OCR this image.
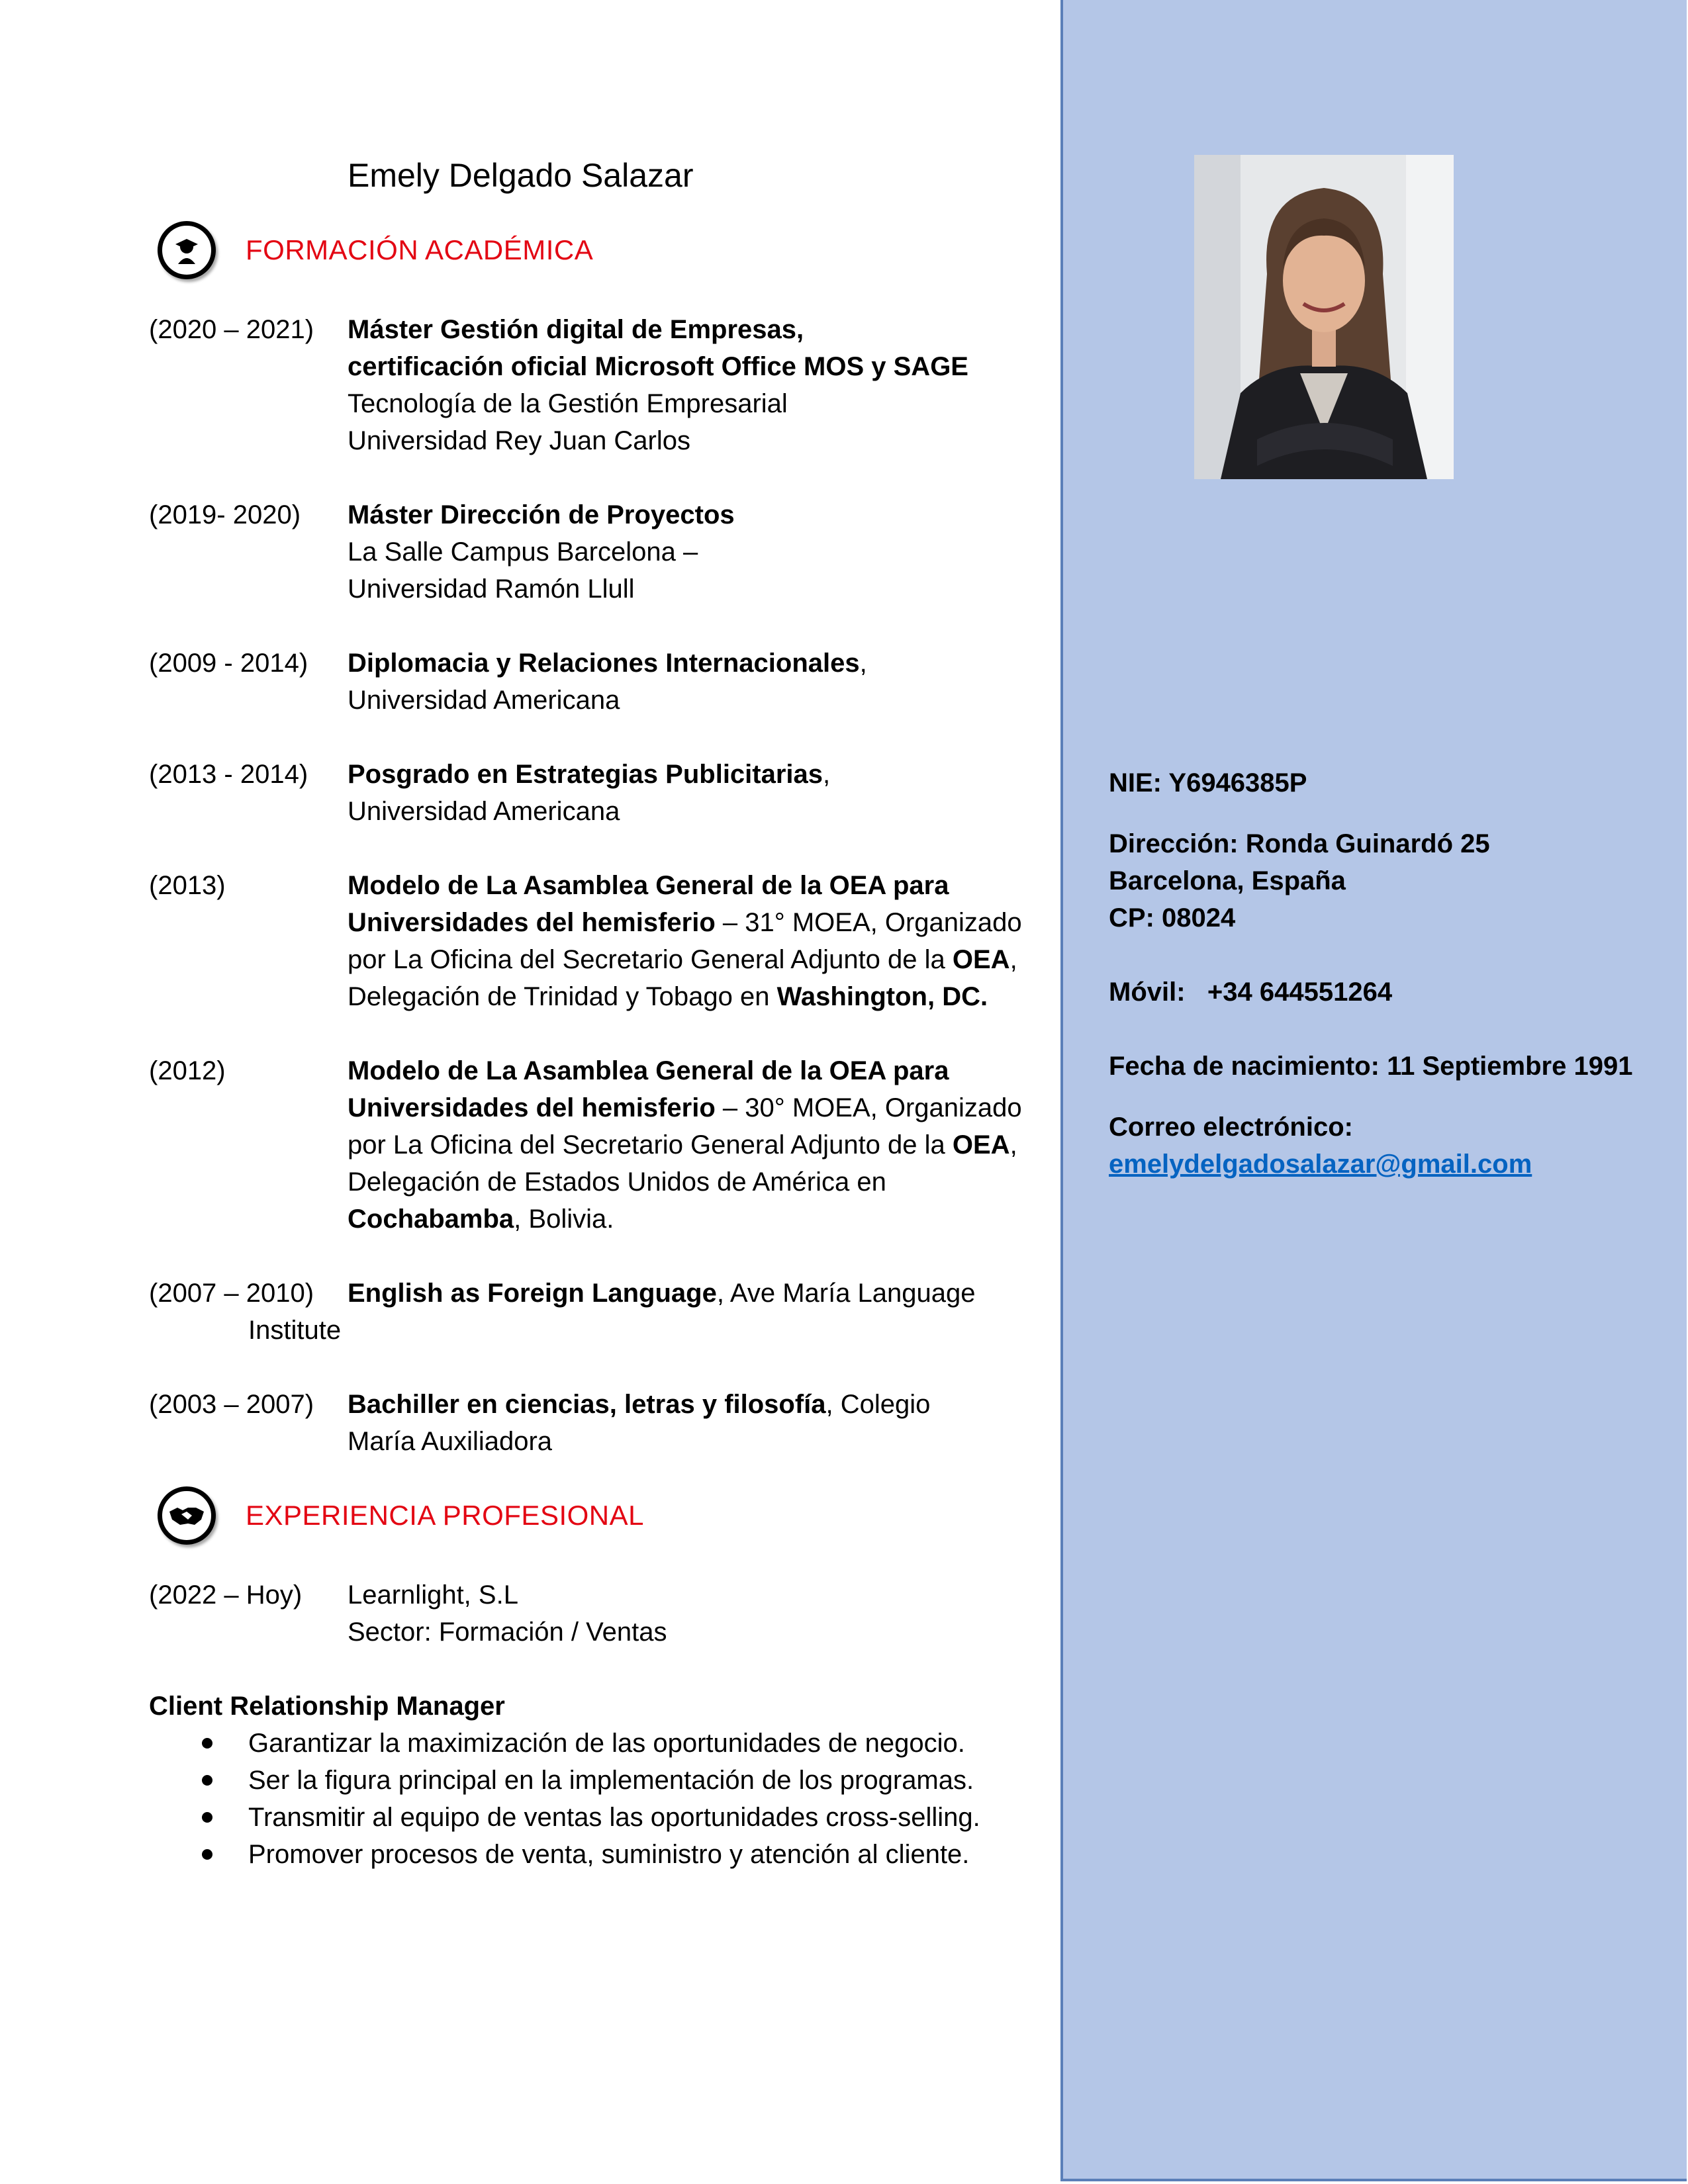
Emely Delgado Salazar
FORMACIÓN ACADÉMICA
(2020 – 2021)	Máster Gestión digital de Empresas,
certificación oficial Microsoft Office MOS y SAGE
Tecnología de la Gestión Empresarial
Universidad Rey Juan Carlos
(2019- 2020)	Máster Dirección de Proyectos
La Salle Campus Barcelona –
Universidad Ramón Llull
(2009 - 2014)	Diplomacia y Relaciones Internacionales,
Universidad Americana
(2013 - 2014)	Posgrado en Estrategias Publicitarias,
Universidad Americana
(2013)	Modelo de La Asamblea General de la OEA para
Universidades del hemisferio – 31° MOEA, Organizado
por La Oficina del Secretario General Adjunto de la OEA,
Delegación de Trinidad y Tobago en Washington, DC.
(2012)	Modelo de La Asamblea General de la OEA para
Universidades del hemisferio – 30° MOEA, Organizado
por La Oficina del Secretario General Adjunto de la OEA,
Delegación de Estados Unidos de América en
Cochabamba, Bolivia.
(2007 – 2010)	English as Foreign Language, Ave María Language
Institute
(2003 – 2007)	Bachiller en ciencias, letras y filosofía, Colegio
María Auxiliadora
EXPERIENCIA PROFESIONAL
(2022 – Hoy)	Learnlight, S.L
Sector: Formación / Ventas
Client Relationship Manager
Garantizar la maximización de las oportunidades de negocio.
Ser la figura principal en la implementación de los programas.
Transmitir al equipo de ventas las oportunidades cross-selling.
Promover procesos de venta, suministro y atención al cliente.
NIE: Y6946385P
Dirección: Ronda Guinardó 25
Barcelona, España
CP: 08024
Móvil:   +34 644551264
Fecha de nacimiento: 11 Septiembre 1991
Correo electrónico:
emelydelgadosalazar@gmail.com
